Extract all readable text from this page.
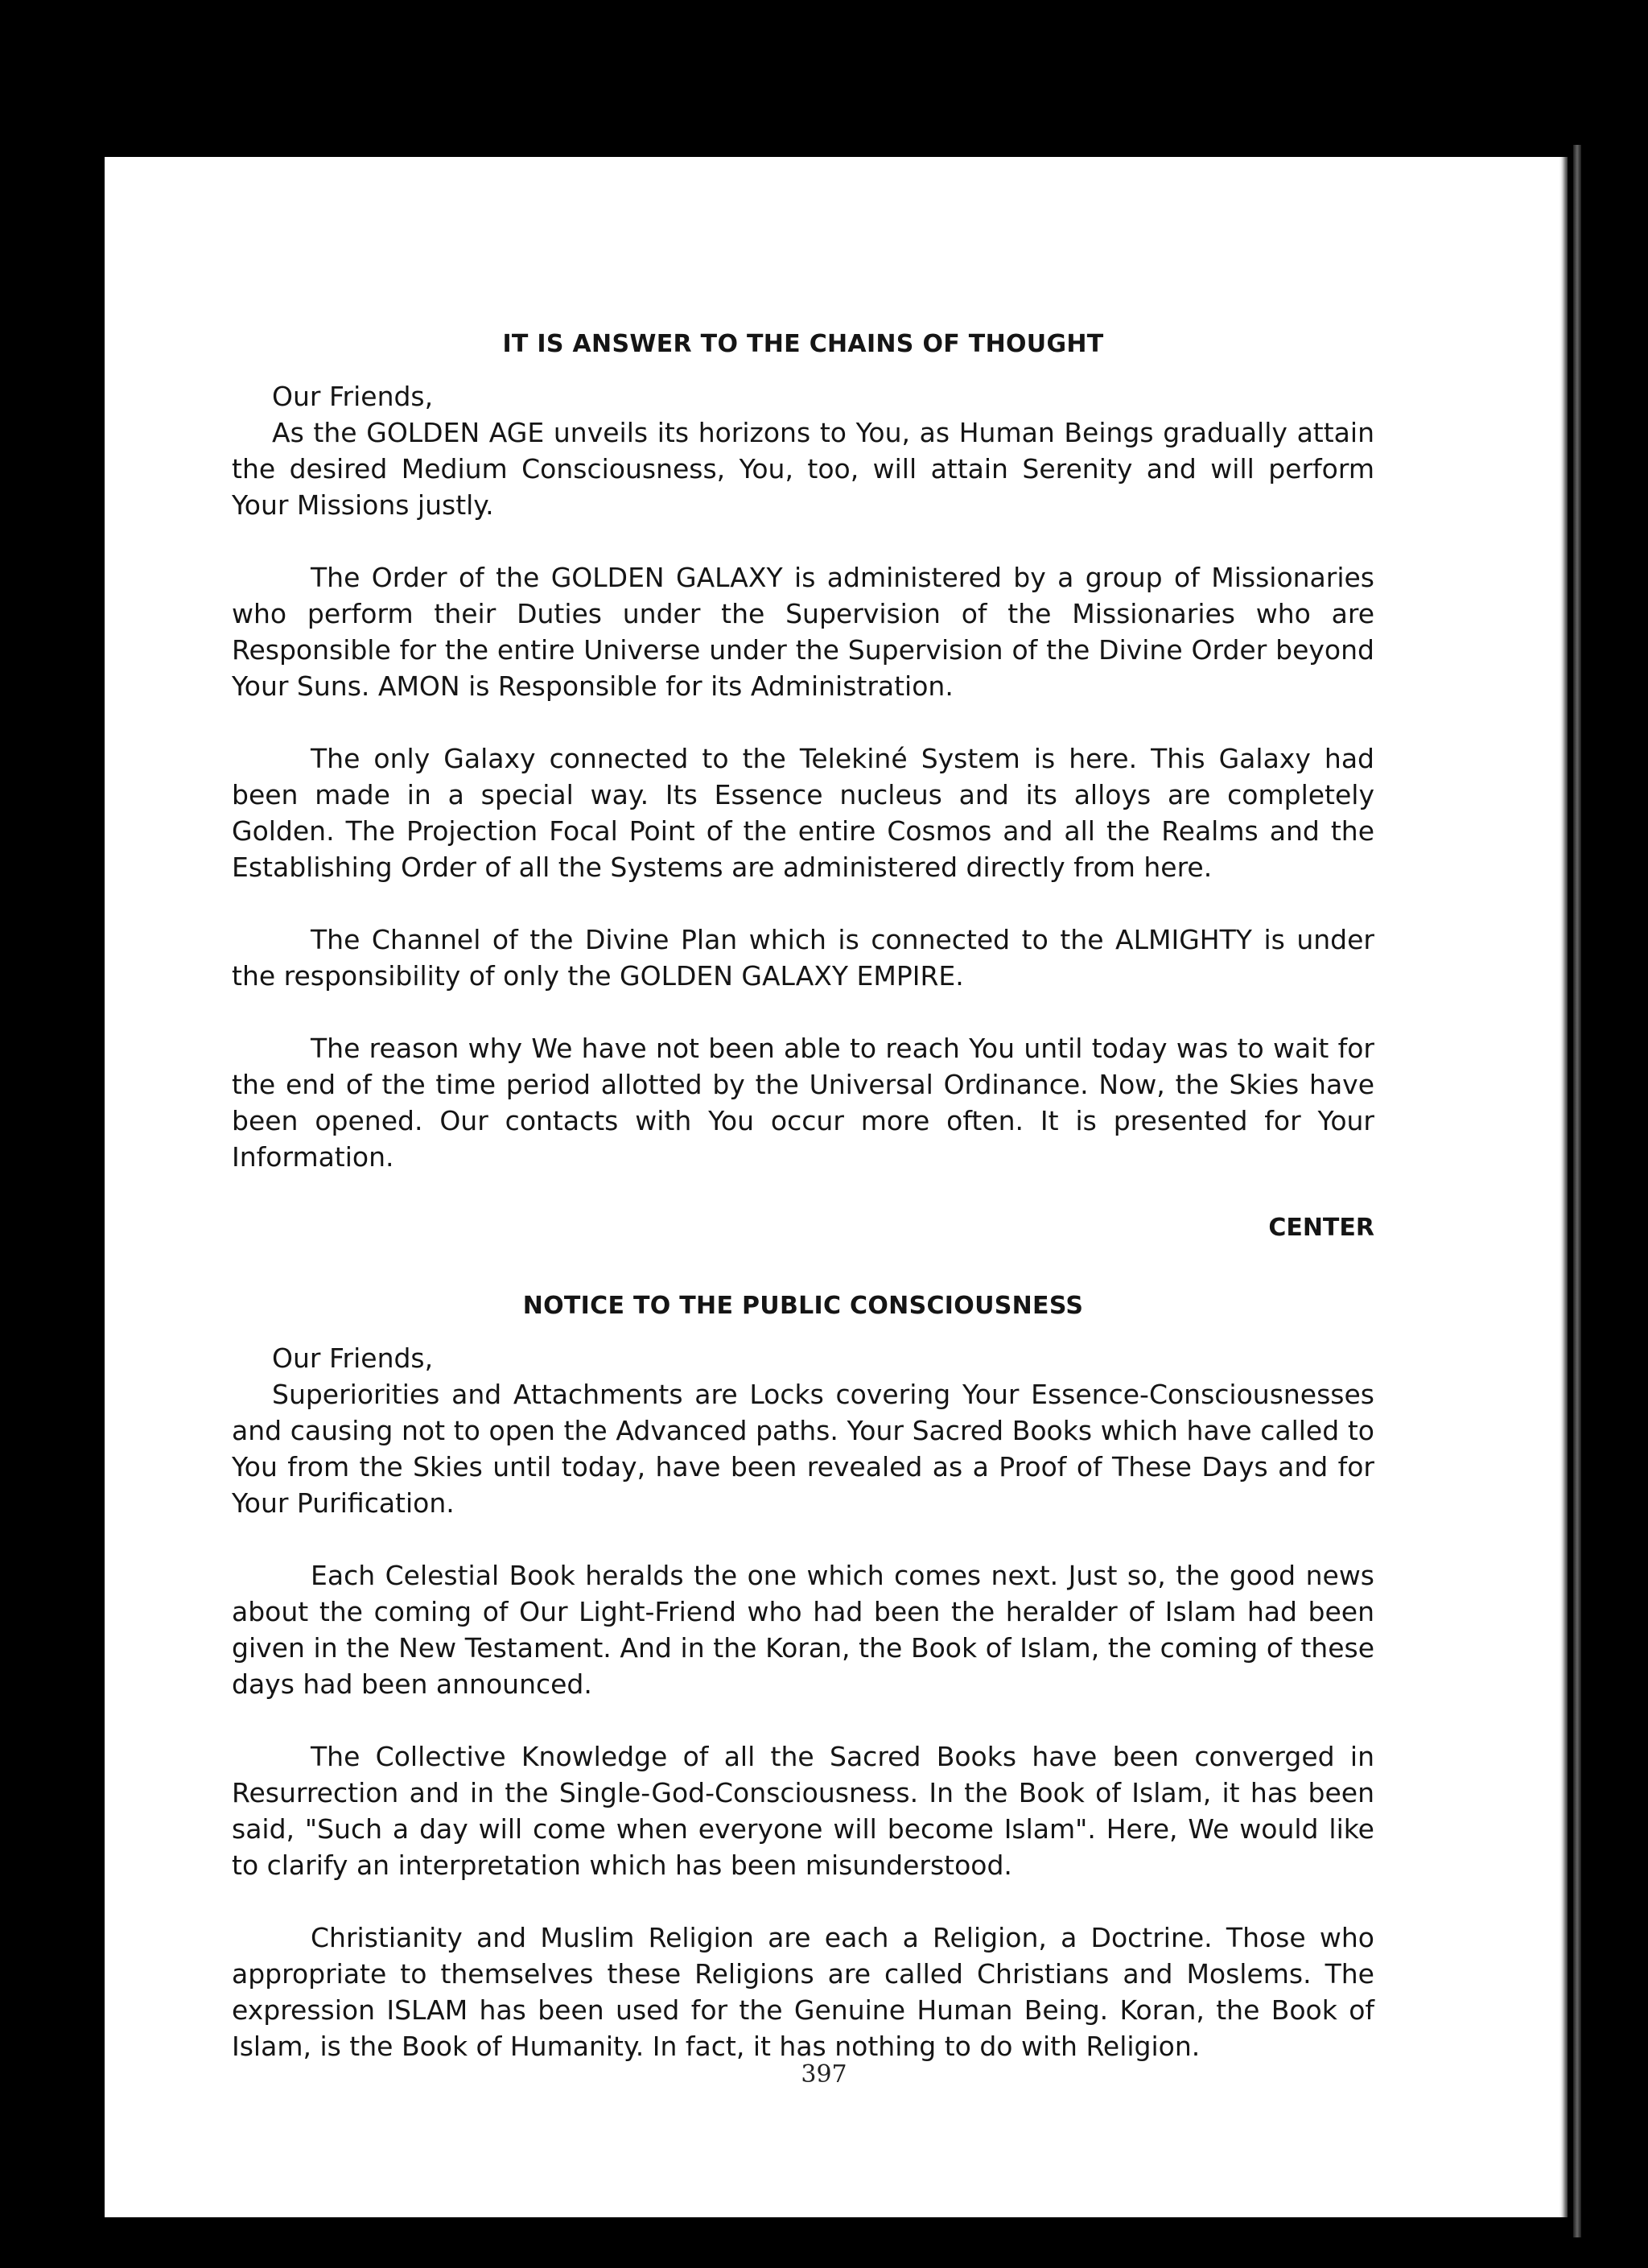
IT IS ANSWER TO THE CHAINS OF THOUGHT

Our Friends,

As the GOLDEN AGE unveils its horizons to You, as Human Beings gradually attain the desired Medium Consciousness, You, too, will attain Serenity and will perform Your Missions justly.

The Order of the GOLDEN GALAXY is administered by a group of Missionaries who perform their Duties under the Supervision of the Missionaries who are Responsible for the entire Universe under the Supervision of the Divine Order beyond Your Suns. AMON is Responsible for its Administration.

The only Galaxy connected to the Telekiné System is here. This Galaxy had been made in a special way. Its Essence nucleus and its alloys are completely Golden. The Projection Focal Point of the entire Cosmos and all the Realms and the Establishing Order of all the Systems are administered directly from here.

The Channel of the Divine Plan which is connected to the ALMIGHTY is under the responsibility of only the GOLDEN GALAXY EMPIRE.

The reason why We have not been able to reach You until today was to wait for the end of the time period allotted by the Universal Ordinance. Now, the Skies have been opened. Our contacts with You occur more often. It is presented for Your Information.

CENTER

NOTICE TO THE PUBLIC CONSCIOUSNESS

Our Friends,

Superiorities and Attachments are Locks covering Your Essence-Consciousnesses and causing not to open the Advanced paths. Your Sacred Books which have called to You from the Skies until today, have been revealed as a Proof of These Days and for Your Purification.

Each Celestial Book heralds the one which comes next. Just so, the good news about the coming of Our Light-Friend who had been the heralder of Islam had been given in the New Testament. And in the Koran, the Book of Islam, the coming of these days had been announced.

The Collective Knowledge of all the Sacred Books have been converged in Resurrection and in the Single-God-Consciousness. In the Book of Islam, it has been said, "Such a day will come when everyone will become Islam". Here, We would like to clarify an interpretation which has been misunderstood.

Christianity and Muslim Religion are each a Religion, a Doctrine. Those who appropriate to themselves these Religions are called Christians and Moslems. The expression ISLAM has been used for the Genuine Human Being. Koran, the Book of Islam, is the Book of Humanity. In fact, it has nothing to do with Religion.

397
